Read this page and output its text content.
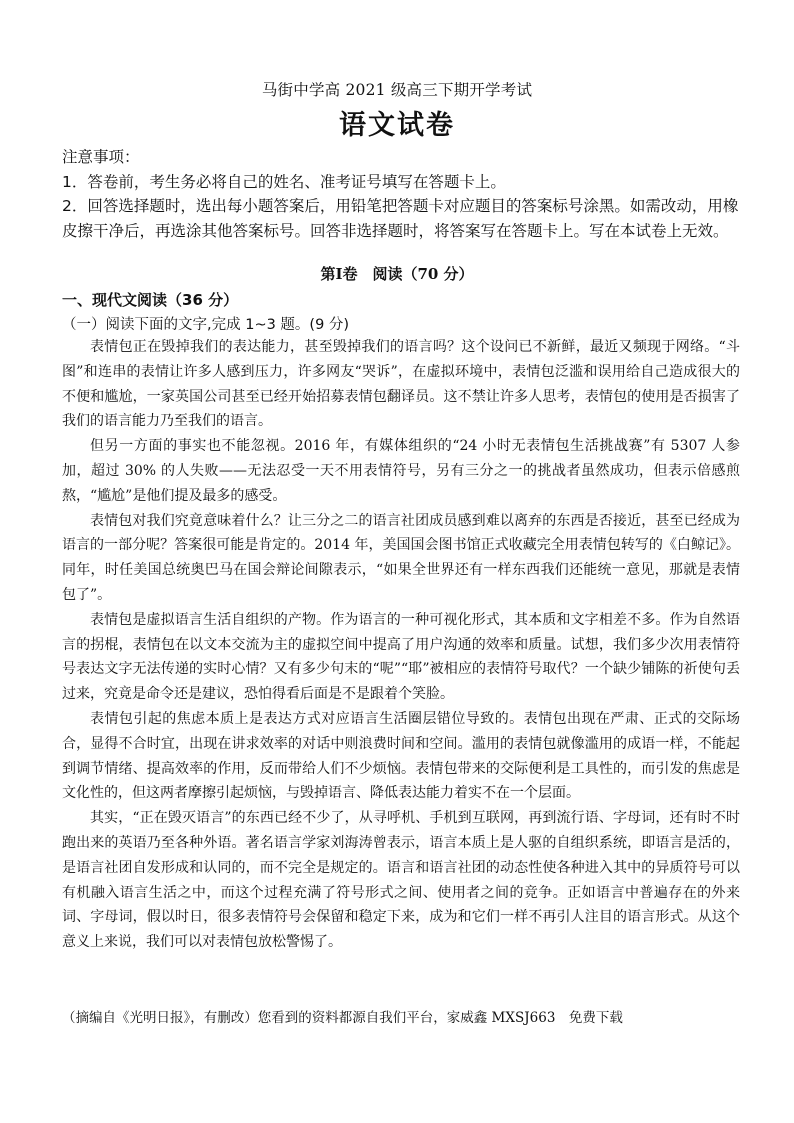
马街中学高 2021 级高三下期开学考试
语文试卷

注意事项：

1．答卷前，考生务必将自己的姓名、准考证号填写在答题卡上。

2．回答选择题时，选出每小题答案后，用铅笔把答题卡对应题目的答案标号涂黑。如需改动，用橡皮擦干净后，再选涂其他答案标号。回答非选择题时，将答案写在答题卡上。写在本试卷上无效。

第Ⅰ卷　阅读（70 分）
一、现代文阅读（36 分）
（一）阅读下面的文字,完成 1~3 题。(9 分)

表情包正在毁掉我们的表达能力，甚至毁掉我们的语言吗？这个设问已不新鲜，最近又频现于网络。“斗图”和连串的表情让许多人感到压力，许多网友“哭诉”，在虚拟环境中，表情包泛滥和误用给自己造成很大的不便和尴尬，一家英国公司甚至已经开始招募表情包翻译员。这不禁让许多人思考，表情包的使用是否损害了我们的语言能力乃至我们的语言。

但另一方面的事实也不能忽视。2016 年，有媒体组织的“24 小时无表情包生活挑战赛”有 5307 人参加，超过 30% 的人失败——无法忍受一天不用表情符号，另有三分之一的挑战者虽然成功，但表示倍感煎熬，“尴尬”是他们提及最多的感受。

表情包对我们究竟意味着什么？让三分之二的语言社团成员感到难以离弃的东西是否接近，甚至已经成为语言的一部分呢？答案很可能是肯定的。2014 年，美国国会图书馆正式收藏完全用表情包转写的《白鲸记》。同年，时任美国总统奥巴马在国会辩论间隙表示，“如果全世界还有一样东西我们还能统一意见，那就是表情包了”。

表情包是虚拟语言生活自组织的产物。作为语言的一种可视化形式，其本质和文字相差不多。作为自然语言的拐棍，表情包在以文本交流为主的虚拟空间中提高了用户沟通的效率和质量。试想，我们多少次用表情符号表达文字无法传递的实时心情？又有多少句末的“呢”“耶”被相应的表情符号取代？一个缺少铺陈的祈使句丢过来，究竟是命令还是建议，恐怕得看后面是不是跟着个笑脸。

表情包引起的焦虑本质上是表达方式对应语言生活圈层错位导致的。表情包出现在严肃、正式的交际场合，显得不合时宜，出现在讲求效率的对话中则浪费时间和空间。滥用的表情包就像滥用的成语一样，不能起到调节情绪、提高效率的作用，反而带给人们不少烦恼。表情包带来的交际便利是工具性的，而引发的焦虑是文化性的，但这两者摩擦引起烦恼，与毁掉语言、降低表达能力着实不在一个层面。

其实，“正在毁灭语言”的东西已经不少了，从寻呼机、手机到互联网，再到流行语、字母词，还有时不时跑出来的英语乃至各种外语。著名语言学家刘海涛曾表示，语言本质上是人驱的自组织系统，即语言是活的，是语言社团自发形成和认同的，而不完全是规定的。语言和语言社团的动态性使各种进入其中的异质符号可以有机融入语言生活之中，而这个过程充满了符号形式之间、使用者之间的竞争。正如语言中普遍存在的外来词、字母词，假以时日，很多表情符号会保留和稳定下来，成为和它们一样不再引人注目的语言形式。从这个意义上来说，我们可以对表情包放松警惕了。

（摘编自《光明日报》，有删改）您看到的资料都源自我们平台，家威鑫 MXSJ663　免费下载
